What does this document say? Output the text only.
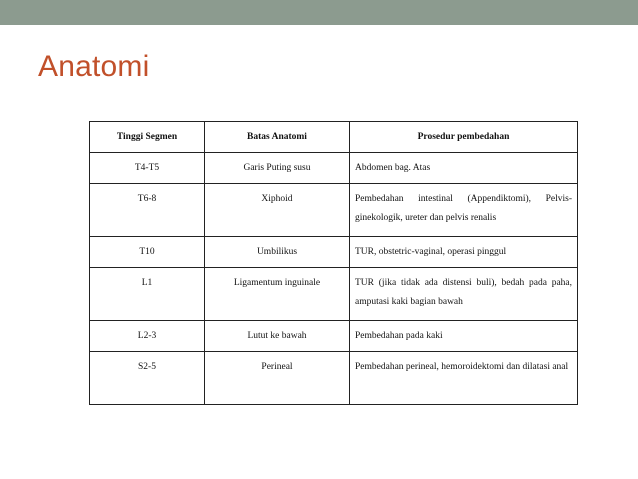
Anatomi
Tinggi Segmen	Batas Anatomi	Prosedur pembedahan
T4-T5	Garis Puting susu	Abdomen bag. Atas
T6-8	Xiphoid	Pembedahan intestinal (Appendiktomi), Pelvis-ginekologik, ureter dan pelvis renalis
T10	Umbilikus	TUR, obstetric-vaginal, operasi pinggul
L1	Ligamentum inguinale	TUR (jika tidak ada distensi buli), bedah pada paha, amputasi kaki bagian bawah
L2-3	Lutut ke bawah	Pembedahan pada kaki
S2-5	Perineal	Pembedahan perineal, hemoroidektomi dan dilatasi anal
